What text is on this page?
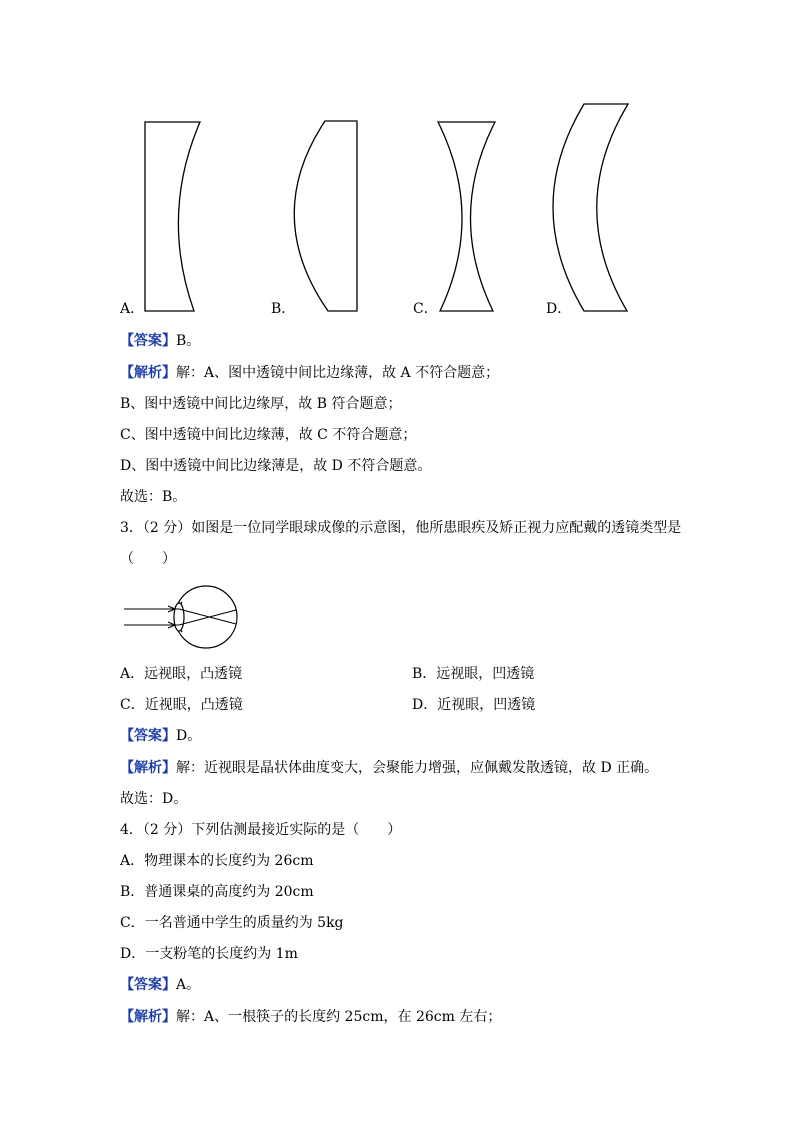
A．	B．	C．	D．
【答案】B。
【解析】解：A、图中透镜中间比边缘薄，故 A 不符合题意；
B、图中透镜中间比边缘厚，故 B 符合题意；
C、图中透镜中间比边缘薄，故 C 不符合题意；
D、图中透镜中间比边缘薄是，故 D 不符合题意。
故选：B。
3．（2 分）如图是一位同学眼球成像的示意图，他所患眼疾及矫正视力应配戴的透镜类型是
（　　）
A．远视眼，凸透镜	B．远视眼，凹透镜
C．近视眼，凸透镜	D．近视眼，凹透镜
【答案】D。
【解析】解：近视眼是晶状体曲度变大，会聚能力增强，应佩戴发散透镜，故 D 正确。
故选：D。
4．（2 分）下列估测最接近实际的是（　　）
A．物理课本的长度约为 26cm
B．普通课桌的高度约为 20cm
C．一名普通中学生的质量约为 5kg
D．一支粉笔的长度约为 1m
【答案】A。
【解析】解：A、一根筷子的长度约 25cm，在 26cm 左右；
